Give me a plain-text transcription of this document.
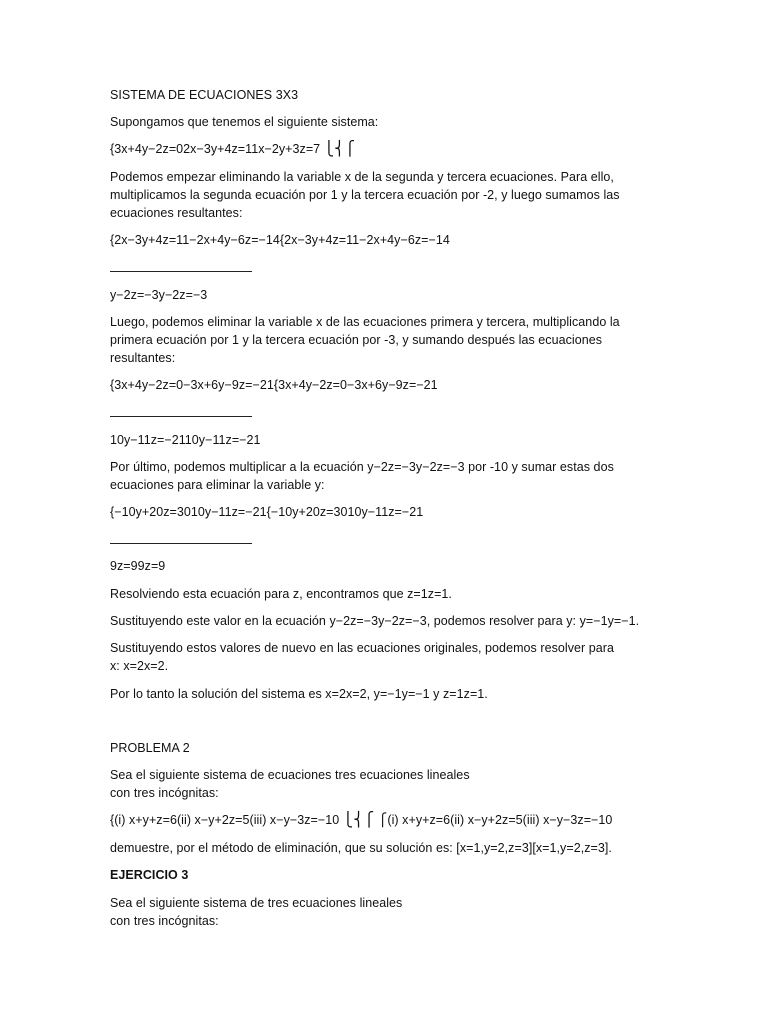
SISTEMA DE ECUACIONES 3X3
Supongamos que tenemos el siguiente sistema:
{3x+4y−2z=02x−3y+4z=11x−2y+3z=7 ⎩⎨⎧
Podemos empezar eliminando la variable x de la segunda y tercera ecuaciones. Para ello,
multiplicamos la segunda ecuación por 1 y la tercera ecuación por -2, y luego sumamos las
ecuaciones resultantes:
{2x−3y+4z=11−2x+4y−6z=−14{2x−3y+4z=11−2x+4y−6z=−14
y−2z=−3y−2z=−3
Luego, podemos eliminar la variable x de las ecuaciones primera y tercera, multiplicando la
primera ecuación por 1 y la tercera ecuación por -3, y sumando después las ecuaciones
resultantes:
{3x+4y−2z=0−3x+6y−9z=−21{3x+4y−2z=0−3x+6y−9z=−21
10y−11z=−2110y−11z=−21
Por último, podemos multiplicar a la ecuación y−2z=−3y−2z=−3 por -10 y sumar estas dos
ecuaciones para eliminar la variable y:
{−10y+20z=3010y−11z=−21{−10y+20z=3010y−11z=−21
9z=99z=9
Resolviendo esta ecuación para z, encontramos que z=1z=1.
Sustituyendo este valor en la ecuación y−2z=−3y−2z=−3, podemos resolver para y: y=−1y=−1.
Sustituyendo estos valores de nuevo en las ecuaciones originales, podemos resolver para
x: x=2x=2.
Por lo tanto la solución del sistema es x=2x=2, y=−1y=−1 y z=1z=1.
PROBLEMA 2
Sea el siguiente sistema de ecuaciones tres ecuaciones lineales
con tres incógnitas:
{(i) x+y+z=6(ii) x−y+2z=5(iii) x−y−3z=−10 ⎩⎨⎧ ⎧(i) x+y+z=6(ii) x−y+2z=5(iii) x−y−3z=−10
demuestre, por el método de eliminación, que su solución es: [x=1,y=2,z=3][x=1,y=2,z=3].
EJERCICIO 3
Sea el siguiente sistema de tres ecuaciones lineales
con tres incógnitas:
